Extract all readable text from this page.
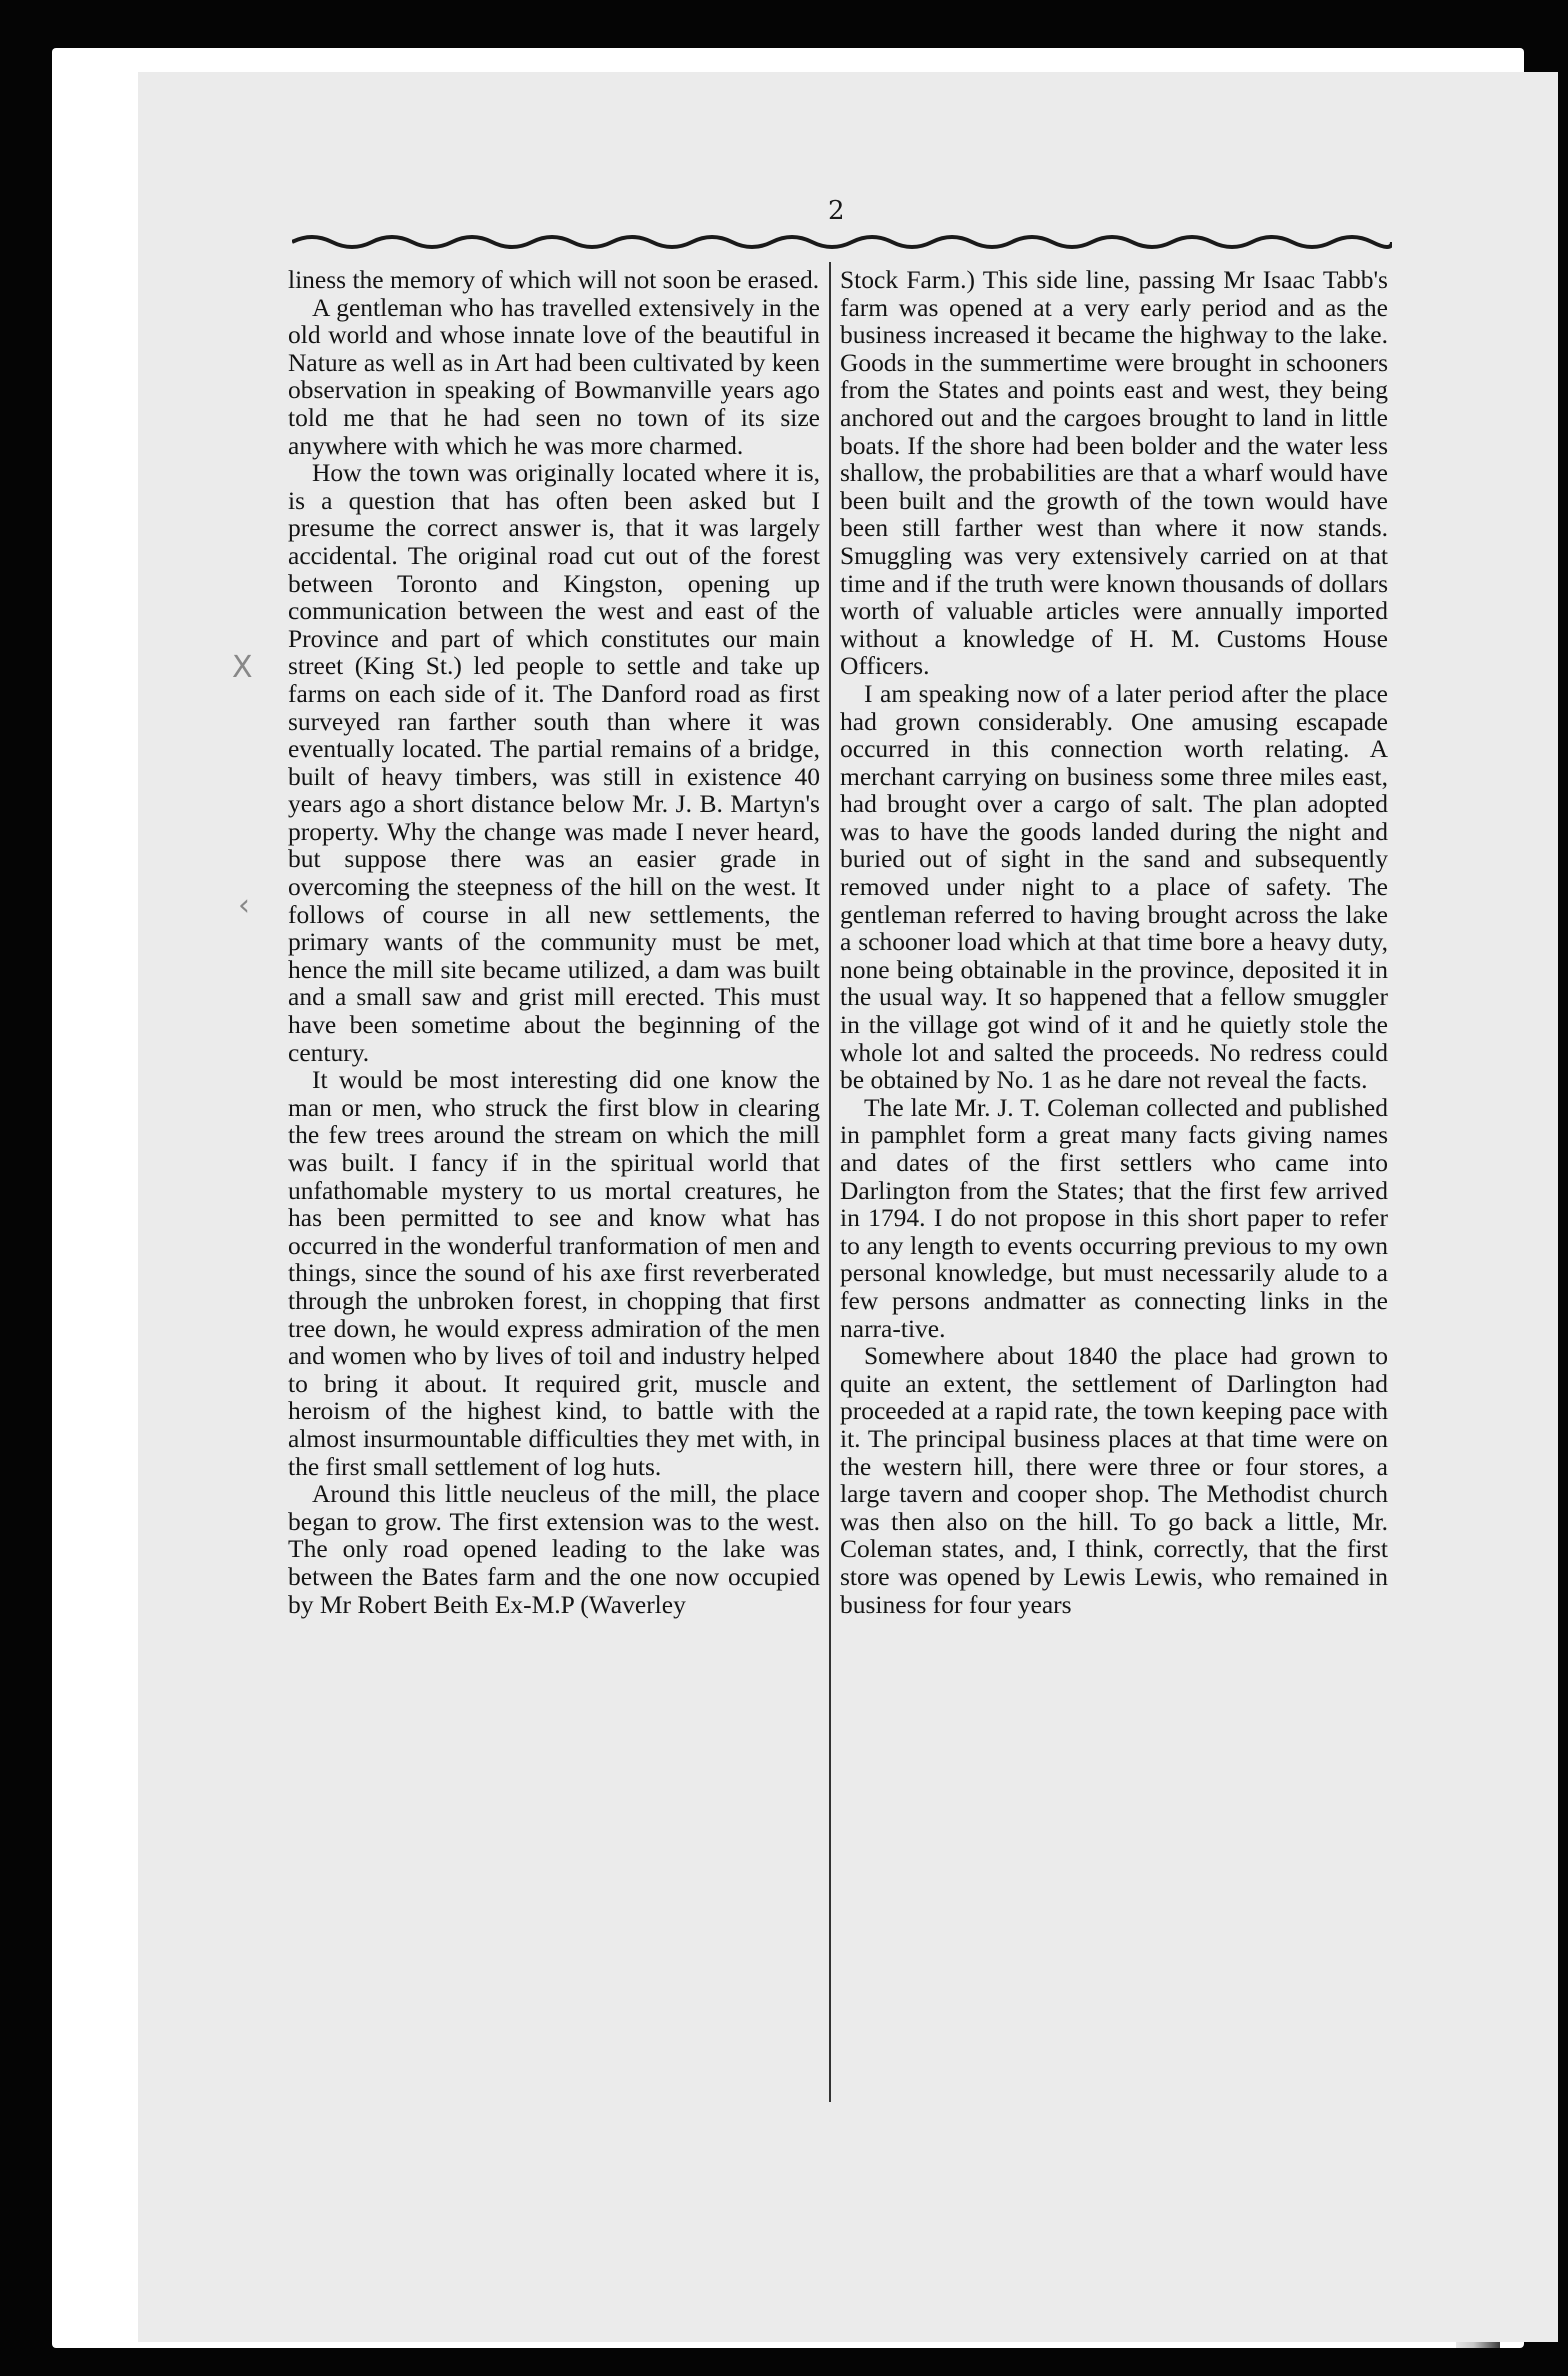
2
X
‹

liness the memory of which will not soon be erased.

A gentleman who has travelled extensively in the old world and whose innate love of the beautiful in Nature as well as in Art had been cultivated by keen observation in speaking of Bowmanville years ago told me that he had seen no town of its size anywhere with which he was more charmed.

How the town was originally located where it is, is a question that has often been asked but I presume the correct answer is, that it was largely accidental. The original road cut out of the forest between Toronto and Kingston, opening up communication between the west and east of the Province and part of which constitutes our main street (King St.) led people to settle and take up farms on each side of it. The Danford road as first surveyed ran farther south than where it was eventually located. The partial remains of a bridge, built of heavy timbers, was still in existence 40 years ago a short distance below Mr. J. B. Martyn's property. Why the change was made I never heard, but suppose there was an easier grade in overcoming the steepness of the hill on the west. It follows of course in all new settlements, the primary wants of the community must be met, hence the mill site became utilized, a dam was built and a small saw and grist mill erected. This must have been sometime about the beginning of the century.

It would be most interesting did one know the man or men, who struck the first blow in clearing the few trees around the stream on which the mill was built. I fancy if in the spiritual world that unfathomable mystery to us mortal creatures, he has been permitted to see and know what has occurred in the wonderful tranformation of men and things, since the sound of his axe first reverberated through the unbroken forest, in chopping that first tree down, he would express admiration of the men and women who by lives of toil and industry helped to bring it about. It required grit, muscle and heroism of the highest kind, to battle with the almost insurmountable difficulties they met with, in the first small settlement of log huts.

Around this little neucleus of the mill, the place began to grow. The first extension was to the west. The only road opened leading to the lake was between the Bates farm and the one now occupied by Mr Robert Beith Ex-M.P (Waverley

Stock Farm.) This side line, passing Mr Isaac Tabb's farm was opened at a very early period and as the business increased it became the highway to the lake. Goods in the summertime were brought in schooners from the States and points east and west, they being anchored out and the cargoes brought to land in little boats. If the shore had been bolder and the water less shallow, the probabilities are that a wharf would have been built and the growth of the town would have been still farther west than where it now stands. Smuggling was very extensively carried on at that time and if the truth were known thousands of dollars worth of valuable articles were annually imported without a knowledge of H. M. Customs House Officers.

I am speaking now of a later period after the place had grown considerably. One amusing escapade occurred in this connection worth relating. A merchant carrying on business some three miles east, had brought over a cargo of salt. The plan adopted was to have the goods landed during the night and buried out of sight in the sand and subsequently removed under night to a place of safety. The gentleman referred to having brought across the lake a schooner load which at that time bore a heavy duty, none being obtainable in the province, deposited it in the usual way. It so happened that a fellow smuggler in the village got wind of it and he quietly stole the whole lot and salted the proceeds. No redress could be obtained by No. 1 as he dare not reveal the facts.

The late Mr. J. T. Coleman collected and published in pamphlet form a great many facts giving names and dates of the first settlers who came into Darlington from the States; that the first few arrived in 1794. I do not propose in this short paper to refer to any length to events occurring previous to my own personal knowledge, but must necessarily alude to a few persons andmatter as connecting links in the narra-tive.

Somewhere about 1840 the place had grown to quite an extent, the settlement of Darlington had proceeded at a rapid rate, the town keeping pace with it. The principal business places at that time were on the western hill, there were three or four stores, a large tavern and cooper shop. The Methodist church was then also on the hill. To go back a little, Mr. Coleman states, and, I think, correctly, that the first store was opened by Lewis Lewis, who remained in business for four years
